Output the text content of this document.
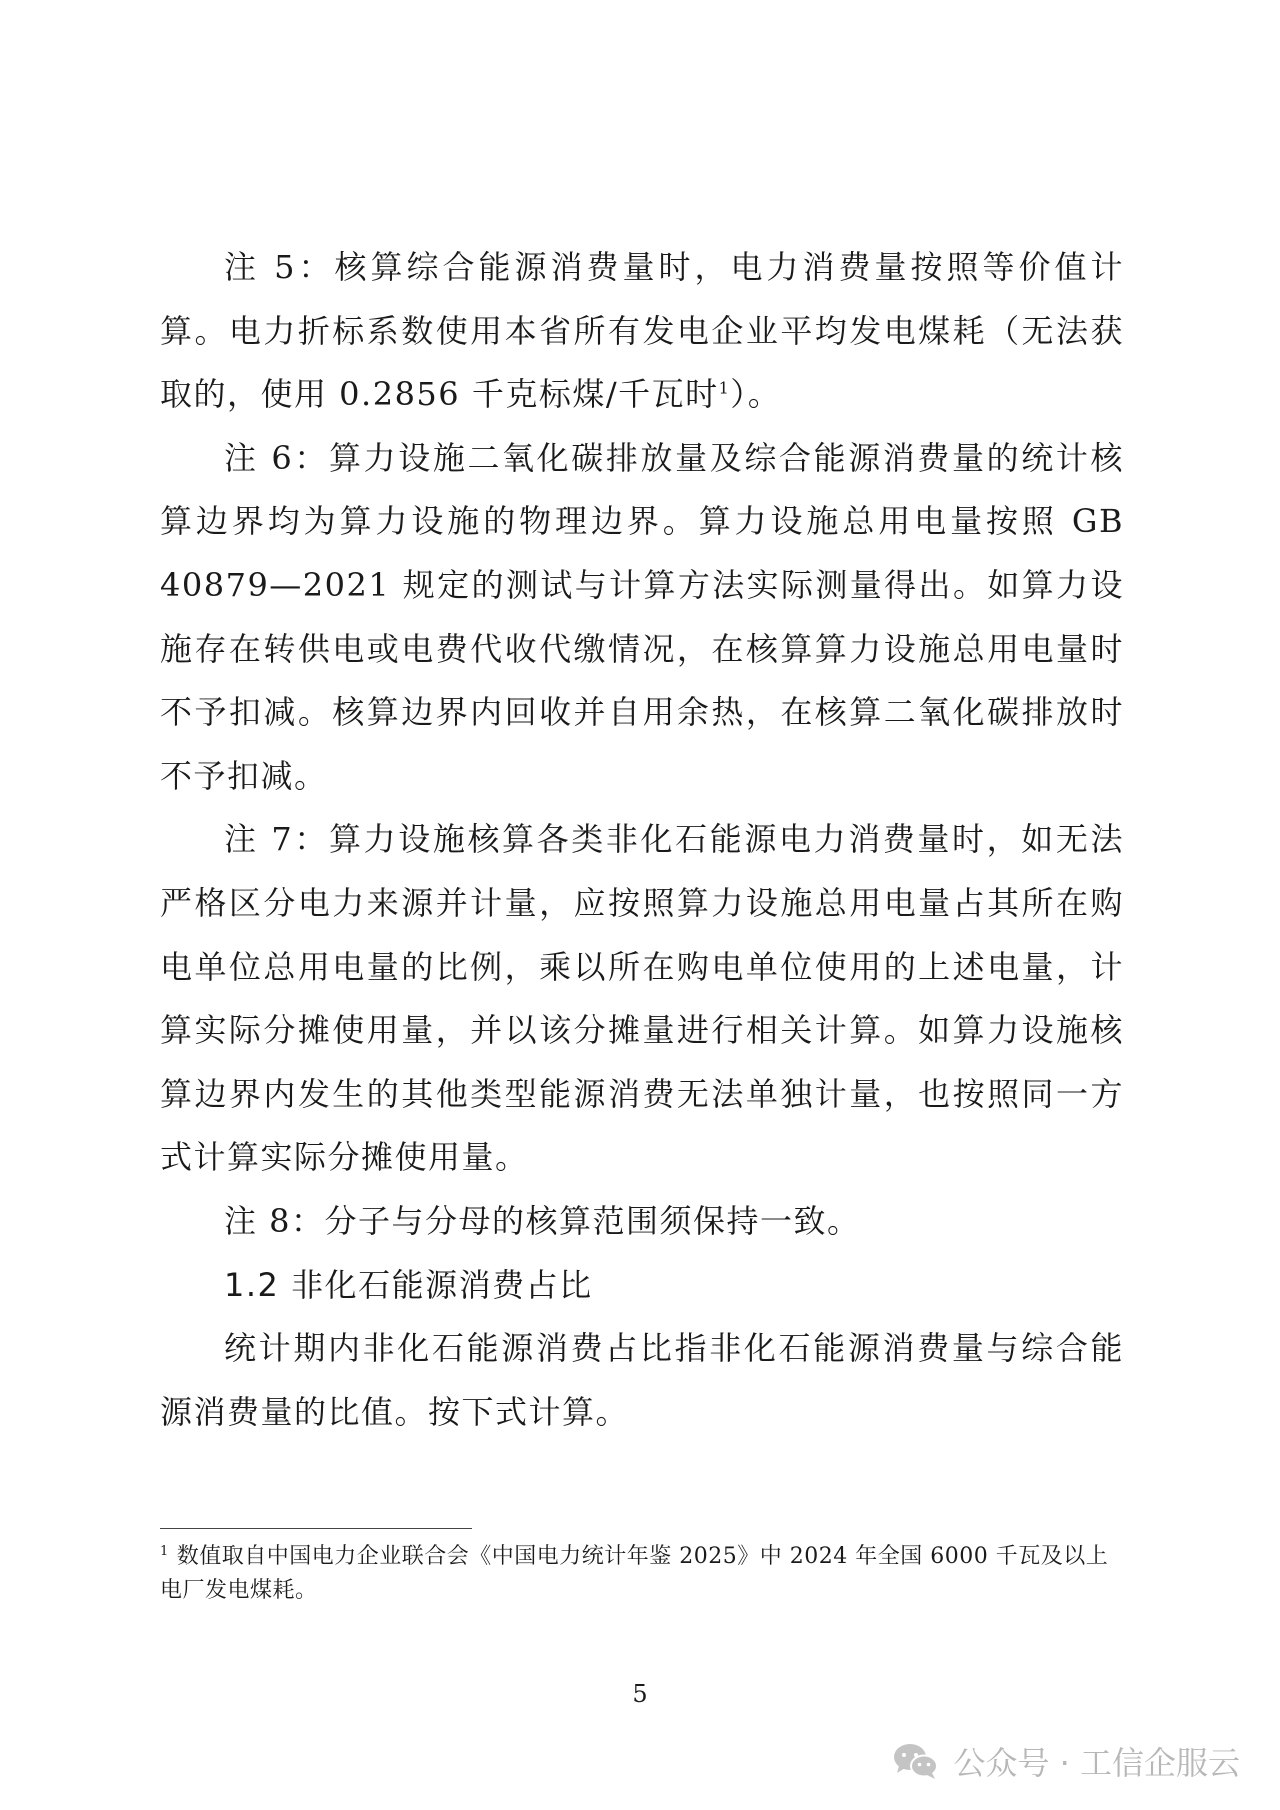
注 5：核算综合能源消费量时，电力消费量按照等价值计算。电力折标系数使用本省所有发电企业平均发电煤耗（无法获取的，使用 0.2856 千克标煤/千瓦时$^1$）。

注 6：算力设施二氧化碳排放量及综合能源消费量的统计核算边界均为算力设施的物理边界。算力设施总用电量按照 GB 40879—2021 规定的测试与计算方法实际测量得出。如算力设施存在转供电或电费代收代缴情况，在核算算力设施总用电量时不予扣减。核算边界内回收并自用余热，在核算二氧化碳排放时不予扣减。

注 7：算力设施核算各类非化石能源电力消费量时，如无法严格区分电力来源并计量，应按照算力设施总用电量占其所在购电单位总用电量的比例，乘以所在购电单位使用的上述电量，计算实际分摊使用量，并以该分摊量进行相关计算。如算力设施核算边界内发生的其他类型能源消费无法单独计量，也按照同一方式计算实际分摊使用量。

注 8：分子与分母的核算范围须保持一致。

1.2 非化石能源消费占比

统计期内非化石能源消费占比指非化石能源消费量与综合能源消费量的比值。按下式计算。

$^1$ 数值取自中国电力企业联合会《中国电力统计年鉴 2025》中 2024 年全国 6000 千瓦及以上电厂发电煤耗。

5
公众号 · 工信企服云
